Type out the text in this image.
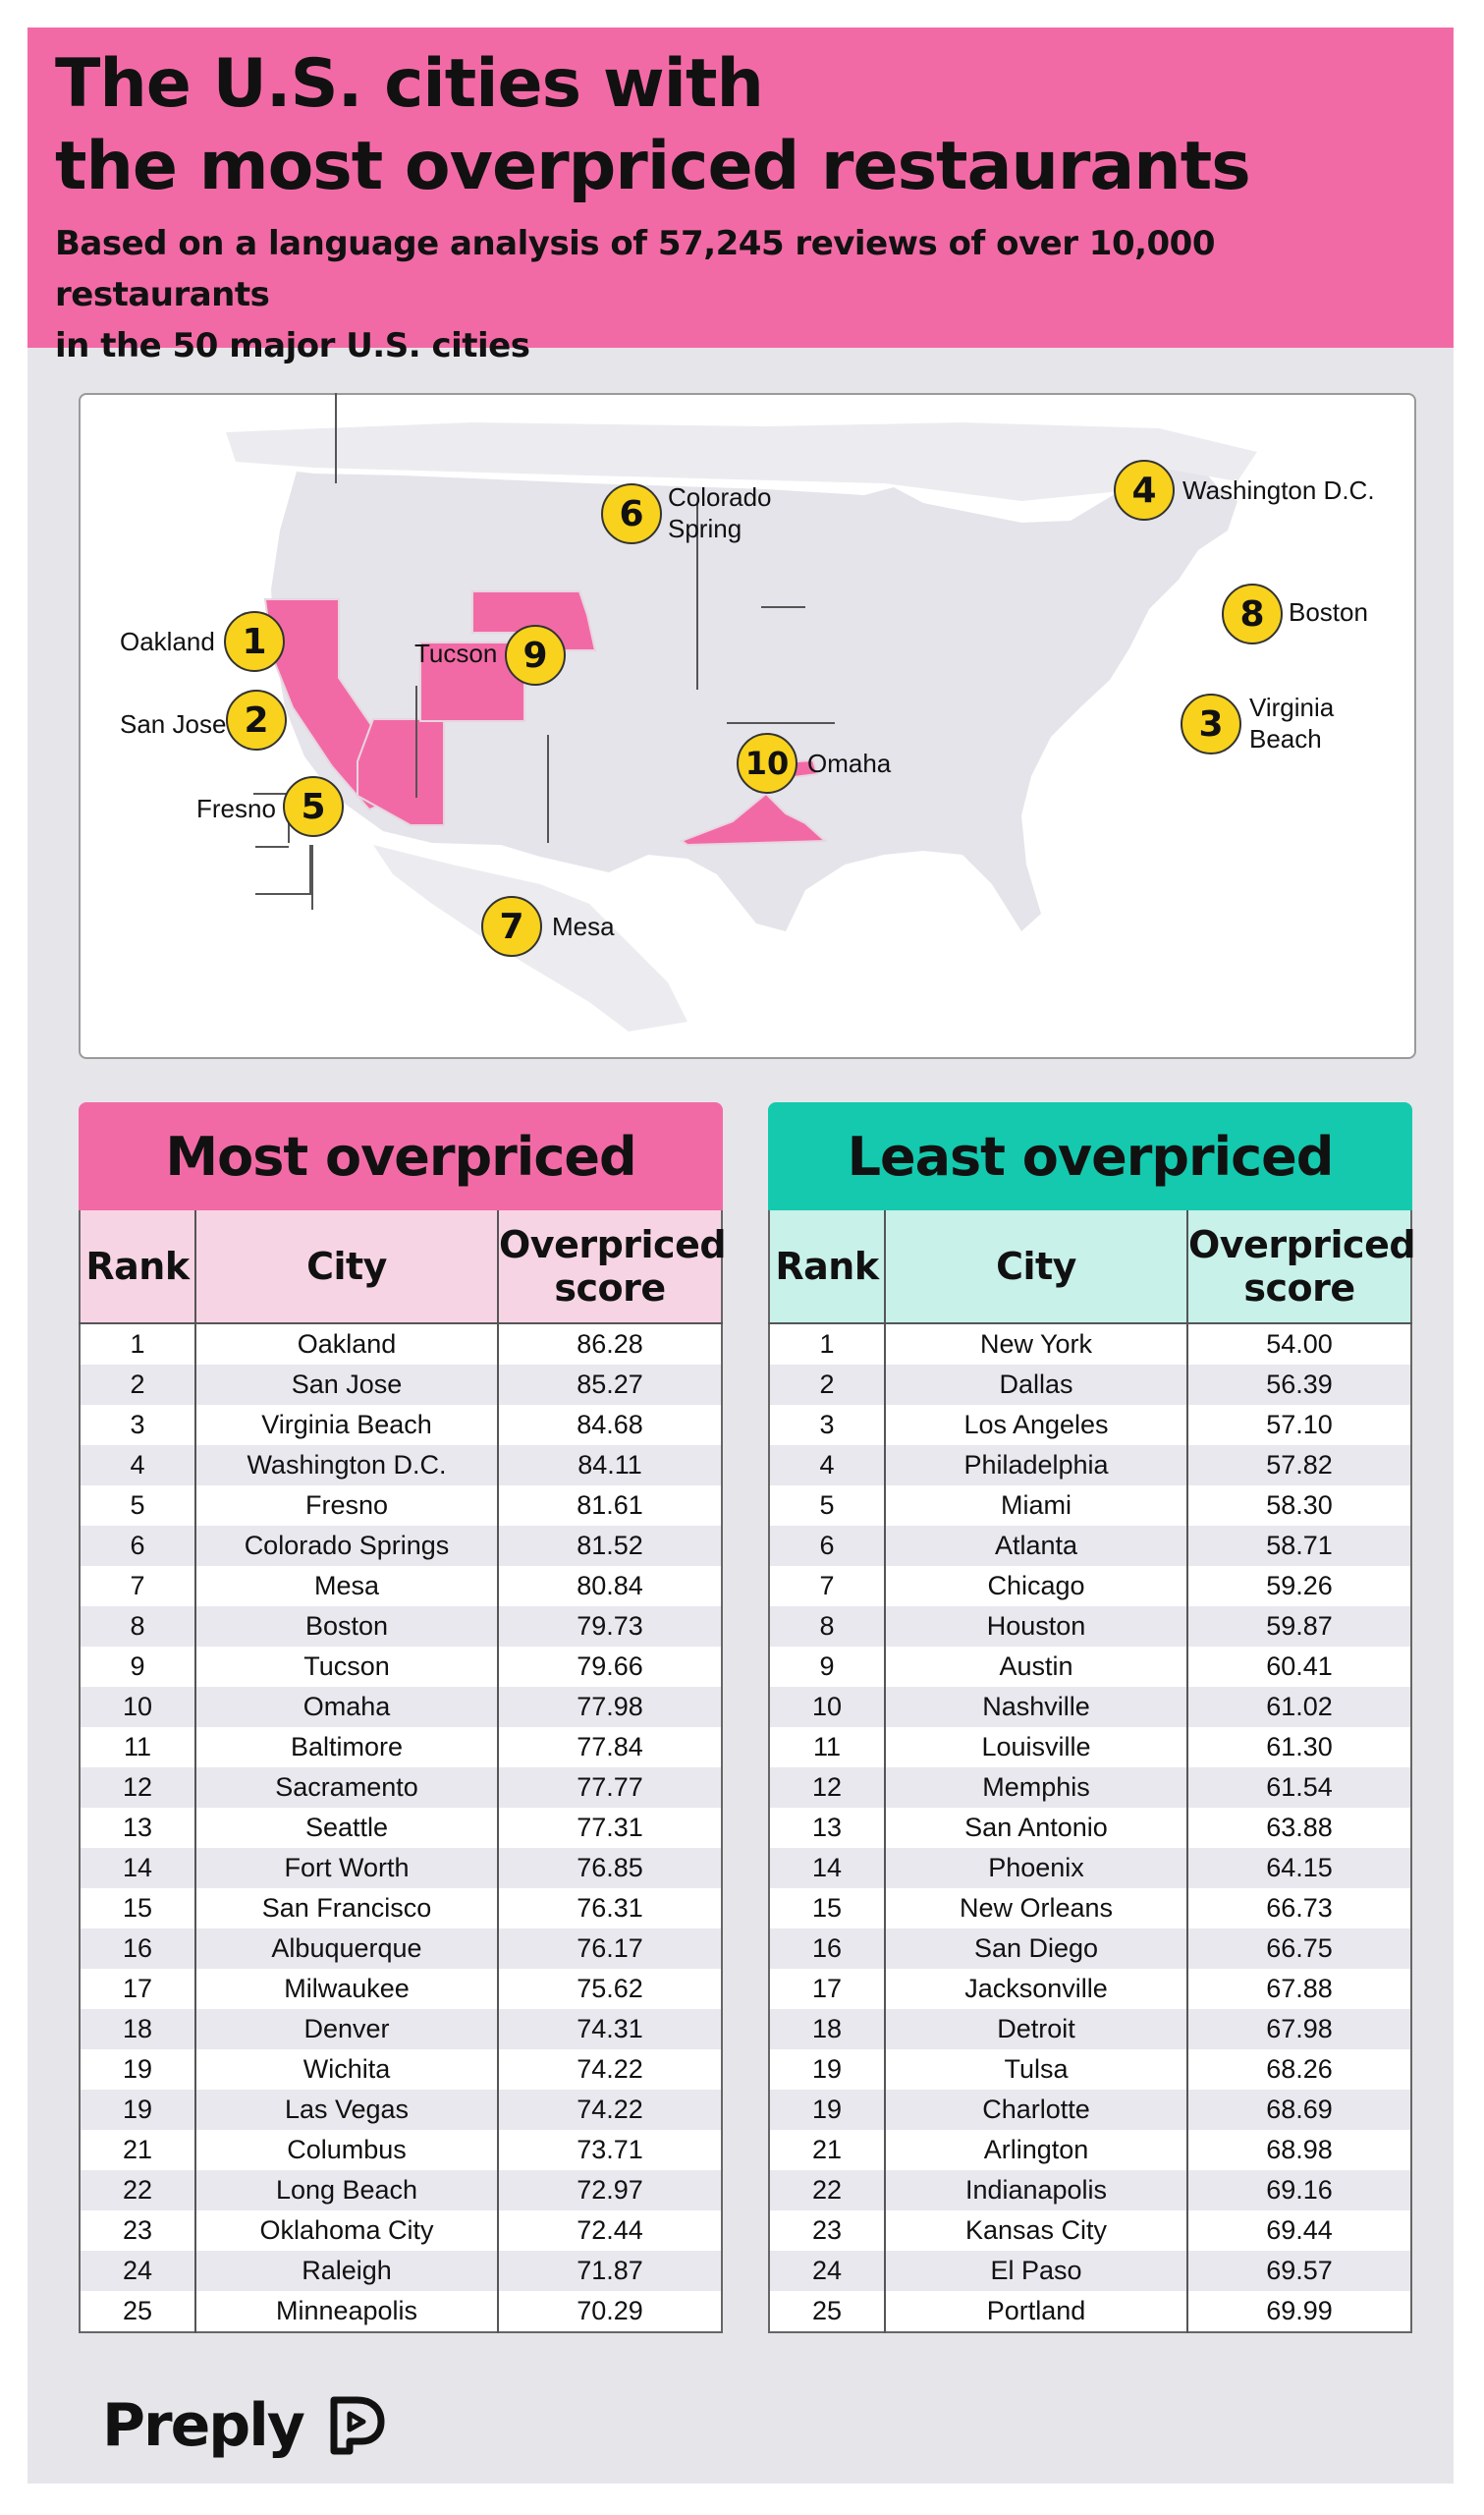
The U.S. cities with
the most overpriced restaurants
Based on a language analysis of 57,245 reviews of over 10,000 restaurants
in the 50 major U.S. cities
Oakland 1
San Jose 2
Fresno 5
Tucson 9
6 Colorado
Spring
7	Mesa
10 Omaha
4	Washington D.C.
8 Boston
3	Virginia
Beach
Most overpriced
Rank	City	Overpriced score
1	Oakland	86.28
2	San Jose	85.27
3	Virginia Beach	84.68
4	Washington D.C.	84.11
5	Fresno	81.61
6	Colorado Springs	81.52
7	Mesa	80.84
8	Boston	79.73
9	Tucson	79.66
10	Omaha	77.98
11	Baltimore	77.84
12	Sacramento	77.77
13	Seattle	77.31
14	Fort Worth	76.85
15	San Francisco	76.31
16	Albuquerque	76.17
17	Milwaukee	75.62
18	Denver	74.31
19	Wichita	74.22
19	Las Vegas	74.22
21	Columbus	73.71
22	Long Beach	72.97
23	Oklahoma City	72.44
24	Raleigh	71.87
25	Minneapolis	70.29
Least overpriced
Rank	City	Overpriced score
1	New York	54.00
2	Dallas	56.39
3	Los Angeles	57.10
4	Philadelphia	57.82
5	Miami	58.30
6	Atlanta	58.71
7	Chicago	59.26
8	Houston	59.87
9	Austin	60.41
10	Nashville	61.02
11	Louisville	61.30
12	Memphis	61.54
13	San Antonio	63.88
14	Phoenix	64.15
15	New Orleans	66.73
16	San Diego	66.75
17	Jacksonville	67.88
18	Detroit	67.98
19	Tulsa	68.26
19	Charlotte	68.69
21	Arlington	68.98
22	Indianapolis	69.16
23	Kansas City	69.44
24	El Paso	69.57
25	Portland	69.99
Preply
